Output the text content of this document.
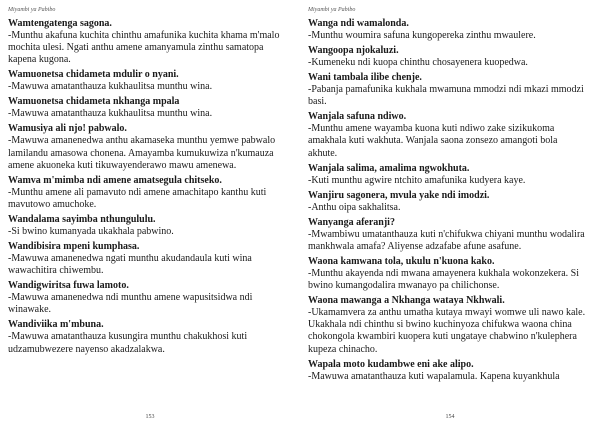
Miyambi ya Pabibo
Wamtengatenga sagona.
-Munthu akafuna kuchita chinthu amafunika kuchita khama m'malo mochita ulesi. Ngati anthu amene amanyamula zinthu samatopa kapena kugona.
Wamuonetsa chidameta mdulir o nyani.
-Mawuwa amatanthauza kukhaulitsa munthu wina.
Wamuonetsa chidameta nkhanga mpala
-Mawuwa amatanthauza kukhaulitsa munthu wina.
Wamusiya ali njo! pabwalo.
-Mawuwa amanenedwa anthu akamaseka munthu yemwe pabwalo lamilandu amasowa chonena. Amayamba kumukuwiza n'kumauza amene akuoneka kuti tikuwayenderawo mawu amenewa.
Wamva m'mimba ndi amene amatsegula chitseko.
-Munthu amene ali pamavuto ndi amene amachitapo kanthu kuti mavutowo amuchoke.
Wandalama sayimba nthungululu.
-Si bwino kumanyada ukakhala pabwino.
Wandibisira mpeni kumphasa.
-Mawuwa amanenedwa ngati munthu akudandaula kuti wina wawachitira chiwembu.
Wandigwiritsa fuwa lamoto.
-Mawuwa amanenedwa ndi munthu amene wapusitsidwa ndi winawake.
Wandiviika m'mbuna.
-Mawuwa amatanthauza kusungira munthu chakukhosi kuti udzamubwezere nayenso akadzalakwa.
153
Miyambi ya Pabibo
Wanga ndi wamalonda.
-Munthu woumira safuna kungopereka zinthu mwaulere.
Wangoopa njokaluzi.
-Kumeneku ndi kuopa chinthu chosayenera kuopedwa.
Wani tambala ilibe chenje.
-Pabanja pamafunika kukhala mwamuna mmodzi ndi mkazi mmodzi basi.
Wanjala safuna ndiwo.
-Munthu amene wayamba kuona kuti ndiwo zake sizikukoma amakhala kuti wakhuta. Wanjala saona zonsezo amangoti bola akhute.
Wanjala salima, amalima ngwokhuta.
-Kuti munthu agwire ntchito amafunika kudyera kaye.
Wanjiru sagonera, mvula yake ndi imodzi.
-Anthu oipa sakhalitsa.
Wanyanga aferanji?
-Mwambiwu umatanthauza kuti n'chifukwa chiyani munthu wodalira mankhwala amafa? Aliyense adzafabe afune asafune.
Waona kamwana tola, ukulu n'kuona kako.
-Munthu akayenda ndi mwana amayenera kukhala wokonzekera. Si bwino kumangodalira mwanayo pa chilichonse.
Waona mawanga a Nkhanga wataya Nkhwali.
-Ukamamvera za anthu umatha kutaya mwayi womwe uli nawo kale. Ukakhala ndi chinthu si bwino kuchinyoza chifukwa waona china chokongola kwambiri kuopera kuti ungataye chabwino n'kulephera kupeza chinacho.
Wapala moto kudambwe eni ake alipo.
-Mawuwa amatanthauza kuti wapalamula. Kapena kuyankhula
154
